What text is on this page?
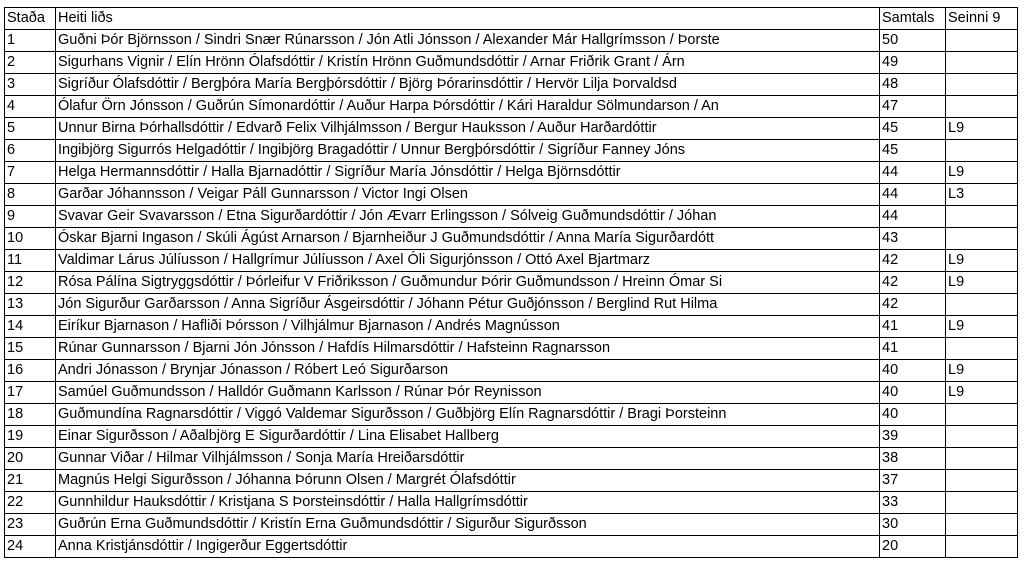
Staða	Heiti liðs	Samtals	Seinni 9
1	Guðni Þór Björnsson / Sindri Snær Rúnarsson / Jón Atli Jónsson / Alexander Már Hallgrímsson / Þorste	50	
2	Sigurhans Vignir / Elín Hrönn Ólafsdóttir / Kristín Hrönn Guðmundsdóttir / Arnar Friðrik Grant / Árn	49	
3	Sigríður Ólafsdóttir / Bergþóra María Bergþórsdóttir / Björg Þórarinsdóttir / Hervör Lilja Þorvaldsd	48	
4	Ólafur Örn Jónsson / Guðrún Símonardóttir / Auður Harpa Þórsdóttir / Kári Haraldur Sölmundarson / An	47	
5	Unnur Birna Þórhallsdóttir / Edvarð Felix Vilhjálmsson / Bergur Hauksson / Auður Harðardóttir	45	L9
6	Ingibjörg Sigurrós Helgadóttir / Ingibjörg Bragadóttir / Unnur Bergþórsdóttir / Sigríður Fanney Jóns	45	
7	Helga Hermannsdóttir / Halla Bjarnadóttir / Sigríður María Jónsdóttir / Helga Björnsdóttir	44	L9
8	Garðar Jóhannsson / Veigar Páll Gunnarsson / Victor Ingi Olsen	44	L3
9	Svavar Geir Svavarsson / Etna Sigurðardóttir / Jón Ævarr Erlingsson / Sólveig Guðmundsdóttir / Jóhan	44	
10	Óskar Bjarni Ingason / Skúli Ágúst Arnarson / Bjarnheiður J Guðmundsdóttir / Anna María Sigurðardótt	43	
11	Valdimar Lárus Júlíusson / Hallgrímur Júlíusson / Axel Óli Sigurjónsson / Ottó Axel Bjartmarz	42	L9
12	Rósa Pálína Sigtryggsdóttir / Þórleifur V Friðriksson / Guðmundur Þórir Guðmundsson / Hreinn Ómar Si	42	L9
13	Jón Sigurður Garðarsson / Anna Sigríður Ásgeirsdóttir / Jóhann Pétur Guðjónsson / Berglind Rut Hilma	42	
14	Eiríkur Bjarnason / Hafliði Þórsson / Vilhjálmur Bjarnason / Andrés Magnússon	41	L9
15	Rúnar Gunnarsson / Bjarni Jón Jónsson / Hafdís Hilmarsdóttir / Hafsteinn Ragnarsson	41	
16	Andri Jónasson / Brynjar Jónasson / Róbert Leó Sigurðarson	40	L9
17	Samúel Guðmundsson / Halldór Guðmann Karlsson / Rúnar Þór Reynisson	40	L9
18	Guðmundína Ragnarsdóttir / Viggó Valdemar Sigurðsson / Guðbjörg Elín Ragnarsdóttir / Bragi Þorsteinn	40	
19	Einar Sigurðsson / Aðalbjörg E Sigurðardóttir / Lina Elisabet Hallberg	39	
20	Gunnar Viðar / Hilmar Vilhjálmsson / Sonja María Hreiðarsdóttir	38	
21	Magnús Helgi Sigurðsson / Jóhanna Þórunn Olsen / Margrét Ólafsdóttir	37	
22	Gunnhildur Hauksdóttir / Kristjana S Þorsteinsdóttir / Halla Hallgrímsdóttir	33	
23	Guðrún Erna Guðmundsdóttir / Kristín Erna Guðmundsdóttir / Sigurður Sigurðsson	30	
24	Anna Kristjánsdóttir / Ingigerður Eggertsdóttir	20	
